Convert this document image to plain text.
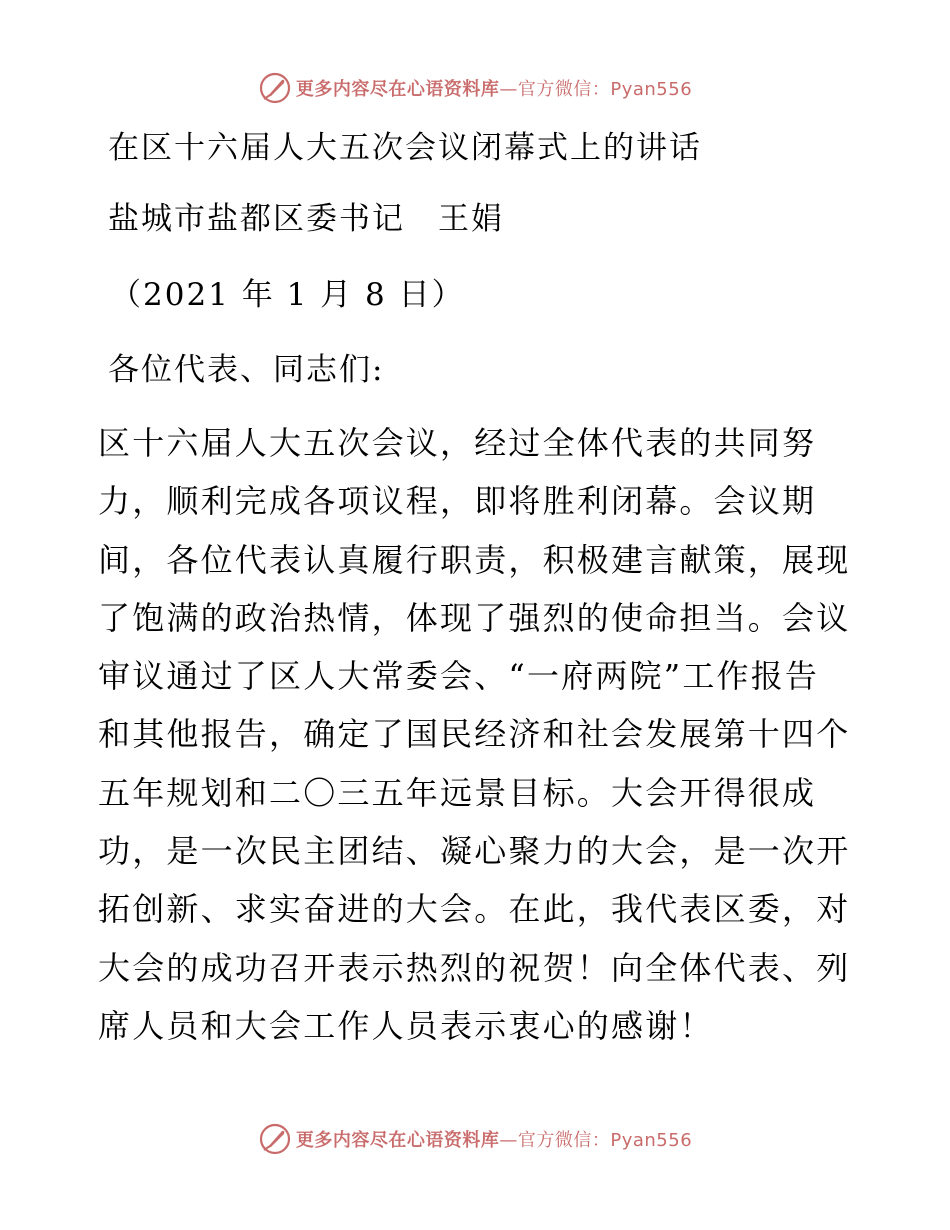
更多内容尽在心语资料库—官方微信：Pyan556
在区十六届人大五次会议闭幕式上的讲话
盐城市盐都区委书记　王娟
（2021 年 1 月 8 日）
各位代表、同志们:
区十六届人大五次会议，经过全体代表的共同努
力，顺利完成各项议程，即将胜利闭幕。会议期
间，各位代表认真履行职责，积极建言献策，展现
了饱满的政治热情，体现了强烈的使命担当。会议
审议通过了区人大常委会、“一府两院”工作报告
和其他报告，确定了国民经济和社会发展第十四个
五年规划和二〇三五年远景目标。大会开得很成
功，是一次民主团结、凝心聚力的大会，是一次开
拓创新、求实奋进的大会。在此，我代表区委，对
大会的成功召开表示热烈的祝贺！向全体代表、列
席人员和大会工作人员表示衷心的感谢！
更多内容尽在心语资料库—官方微信：Pyan556
